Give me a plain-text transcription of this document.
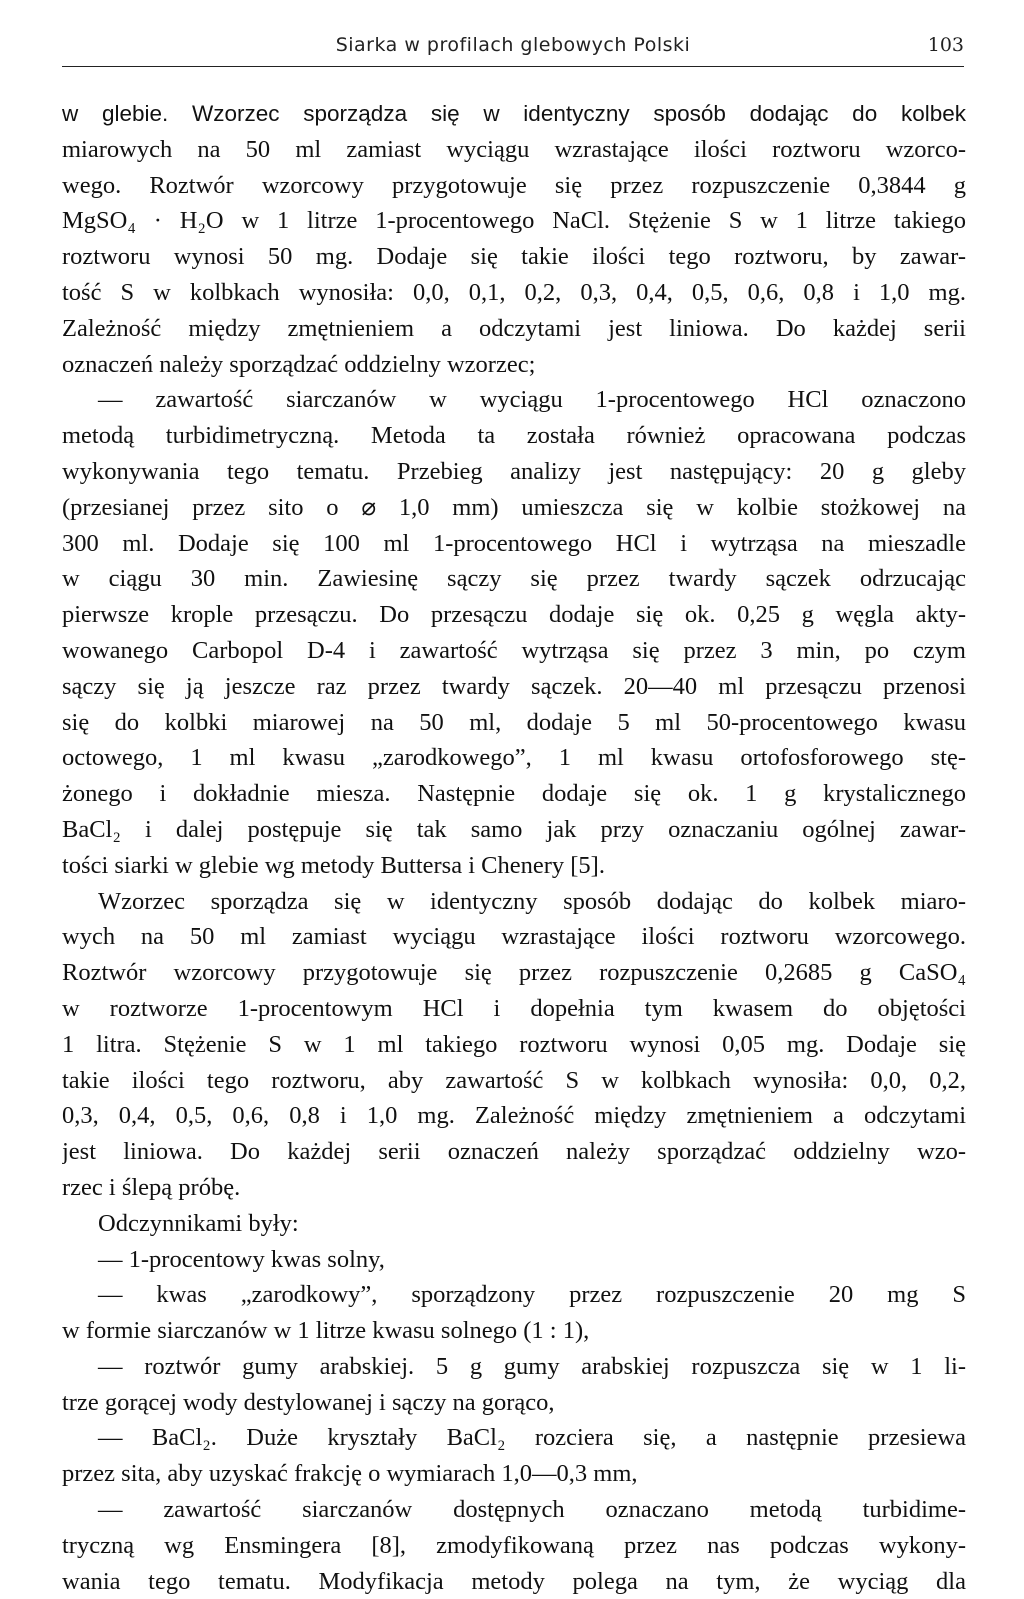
Siarka w profilach glebowych Polski	103
w glebie. Wzorzec sporządza się w identyczny sposób dodając do kolbek
miarowych na 50 ml zamiast wyciągu wzrastające ilości roztworu wzorco-
wego. Roztwór wzorcowy przygotowuje się przez rozpuszczenie 0,3844 g
MgSO₄ · H₂O w 1 litrze 1-procentowego NaCl. Stężenie S w 1 litrze takiego
roztworu wynosi 50 mg. Dodaje się takie ilości tego roztworu, by zawar-
tość S w kolbkach wynosiła: 0,0, 0,1, 0,2, 0,3, 0,4, 0,5, 0,6, 0,8 i 1,0 mg.
Zależność między zmętnieniem a odczytami jest liniowa. Do każdej serii
oznaczeń należy sporządzać oddzielny wzorzec;
— zawartość siarczanów w wyciągu 1-procentowego HCl oznaczono
metodą turbidimetryczną. Metoda ta została również opracowana podczas
wykonywania tego tematu. Przebieg analizy jest następujący: 20 g gleby
(przesianej przez sito o ⌀ 1,0 mm) umieszcza się w kolbie stożkowej na
300 ml. Dodaje się 100 ml 1-procentowego HCl i wytrząsa na mieszadle
w ciągu 30 min. Zawiesinę sączy się przez twardy sączek odrzucając
pierwsze krople przesączu. Do przesączu dodaje się ok. 0,25 g węgla akty-
wowanego Carbopol D-4 i zawartość wytrząsa się przez 3 min, po czym
sączy się ją jeszcze raz przez twardy sączek. 20—40 ml przesączu przenosi
się do kolbki miarowej na 50 ml, dodaje 5 ml 50-procentowego kwasu
octowego, 1 ml kwasu „zarodkowego”, 1 ml kwasu ortofosforowego stę-
żonego i dokładnie miesza. Następnie dodaje się ok. 1 g krystalicznego
BaCl₂ i dalej postępuje się tak samo jak przy oznaczaniu ogólnej zawar-
tości siarki w glebie wg metody Buttersa i Chenery [5].
Wzorzec sporządza się w identyczny sposób dodając do kolbek miaro-
wych na 50 ml zamiast wyciągu wzrastające ilości roztworu wzorcowego.
Roztwór wzorcowy przygotowuje się przez rozpuszczenie 0,2685 g CaSO₄
w roztworze 1-procentowym HCl i dopełnia tym kwasem do objętości
1 litra. Stężenie S w 1 ml takiego roztworu wynosi 0,05 mg. Dodaje się
takie ilości tego roztworu, aby zawartość S w kolbkach wynosiła: 0,0, 0,2,
0,3, 0,4, 0,5, 0,6, 0,8 i 1,0 mg. Zależność między zmętnieniem a odczytami
jest liniowa. Do każdej serii oznaczeń należy sporządzać oddzielny wzo-
rzec i ślepą próbę.
Odczynnikami były:
— 1-procentowy kwas solny,
— kwas „zarodkowy”, sporządzony przez rozpuszczenie 20 mg S
w formie siarczanów w 1 litrze kwasu solnego (1 : 1),
— roztwór gumy arabskiej. 5 g gumy arabskiej rozpuszcza się w 1 li-
trze gorącej wody destylowanej i sączy na gorąco,
— BaCl₂. Duże kryształy BaCl₂ rozciera się, a następnie przesiewa
przez sita, aby uzyskać frakcję o wymiarach 1,0—0,3 mm,
— zawartość siarczanów dostępnych oznaczano metodą turbidime-
tryczną wg Ensmingera [8], zmodyfikowaną przez nas podczas wykony-
wania tego tematu. Modyfikacja metody polega na tym, że wyciąg dla
